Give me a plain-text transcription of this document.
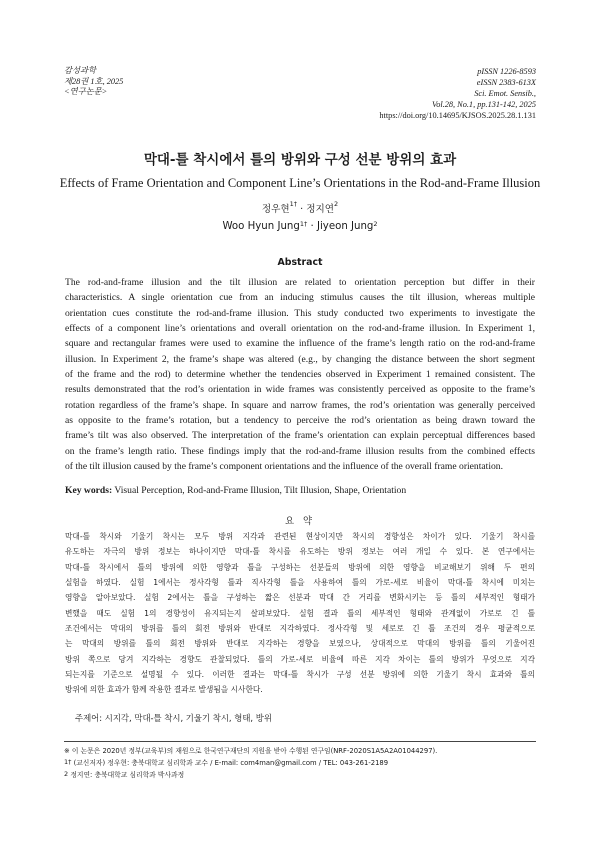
감성과학
제28권 1호, 2025
<연구논문>
pISSN 1226-8593
eISSN 2383-613X
Sci. Emot. Sensib.,
Vol.28, No.1, pp.131-142, 2025
https://doi.org/10.14695/KJSOS.2025.28.1.131
막대-틀 착시에서 틀의 방위와 구성 선분 방위의 효과
Effects of Frame Orientation and Component Line’s Orientations in the Rod-and-Frame Illusion
정우현$^{1\dagger}$ · 정지연$^2$
Woo Hyun Jung$^{1\dagger}$ · Jiyeon Jung$^2$
Abstract
The rod-and-frame illusion and the tilt illusion are related to orientation perception but differ in their
characteristics. A single orientation cue from an inducing stimulus causes the tilt illusion, whereas multiple
orientation cues constitute the rod-and-frame illusion. This study conducted two experiments to investigate the
effects of a component line’s orientations and overall orientation on the rod-and-frame illusion. In Experiment 1,
square and rectangular frames were used to examine the influence of the frame’s length ratio on the rod-and-frame
illusion. In Experiment 2, the frame’s shape was altered (e.g., by changing the distance between the short segment
of the frame and the rod) to determine whether the tendencies observed in Experiment 1 remained consistent. The
results demonstrated that the rod’s orientation in wide frames was consistently perceived as opposite to the frame’s
rotation regardless of the frame’s shape. In square and narrow frames, the rod’s orientation was generally perceived
as opposite to the frame’s rotation, but a tendency to perceive the rod’s orientation as being drawn toward the
frame’s tilt was also observed. The interpretation of the frame’s orientation can explain perceptual differences based
on the frame’s length ratio. These findings imply that the rod-and-frame illusion results from the combined effects
of the tilt illusion caused by the frame’s component orientations and the influence of the overall frame orientation.
Key words: Visual Perception, Rod-and-Frame Illusion, Tilt Illusion, Shape, Orientation
요 약
막대-틀 착시와 기울기 착시는 모두 방위 지각과 관련된 현상이지만 착시의 경향성은 차이가 있다. 기울기 착시를
유도하는 자극의 방위 정보는 하나이지만 막대-틀 착시를 유도하는 방위 정보는 여러 개일 수 있다. 본 연구에서는
막대-틀 착시에서 틀의 방위에 의한 영향과 틀을 구성하는 선분들의 방위에 의한 영향을 비교해보기 위해 두 편의
실험을 하였다. 실험 1에서는 정사각형 틀과 직사각형 틀을 사용하여 틀의 가로-세로 비율이 막대-틀 착시에 미치는
영향을 알아보았다. 실험 2에서는 틀을 구성하는 짧은 선분과 막대 간 거리를 변화시키는 등 틀의 세부적인 형태가
변했을 때도 실험 1의 경향성이 유지되는지 살펴보았다. 실험 결과 틀의 세부적인 형태와 관계없이 가로로 긴 틀
조건에서는 막대의 방위를 틀의 회전 방위와 반대로 지각하였다. 정사각형 및 세로로 긴 틀 조건의 경우 평균적으로
는 막대의 방위를 틀의 회전 방위와 반대로 지각하는 경향을 보였으나, 상대적으로 막대의 방위를 틀의 기울어진
방위 쪽으로 당겨 지각하는 경향도 관찰되었다. 틀의 가로-세로 비율에 따른 지각 차이는 틀의 방위가 무엇으로 지각
되는지를 기준으로 설명될 수 있다. 이러한 결과는 막대-틀 착시가 구성 선분 방위에 의한 기울기 착시 효과와 틀의
방위에 의한 효과가 함께 작용한 결과로 발생됨을 시사한다.
주제어: 시지각, 막대-틀 착시, 기울기 착시, 형태, 방위
※ 이 논문은 2020년 정부(교육부)의 재원으로 한국연구재단의 지원을 받아 수행된 연구임(NRF-2020S1A5A2A01044297).
$^{1\dagger}$ (교신저자) 정우현: 충북대학교 심리학과 교수 / E-mail: com4man@gmail.com / TEL: 043-261-2189
$^2$ 정지연: 충북대학교 심리학과 박사과정
